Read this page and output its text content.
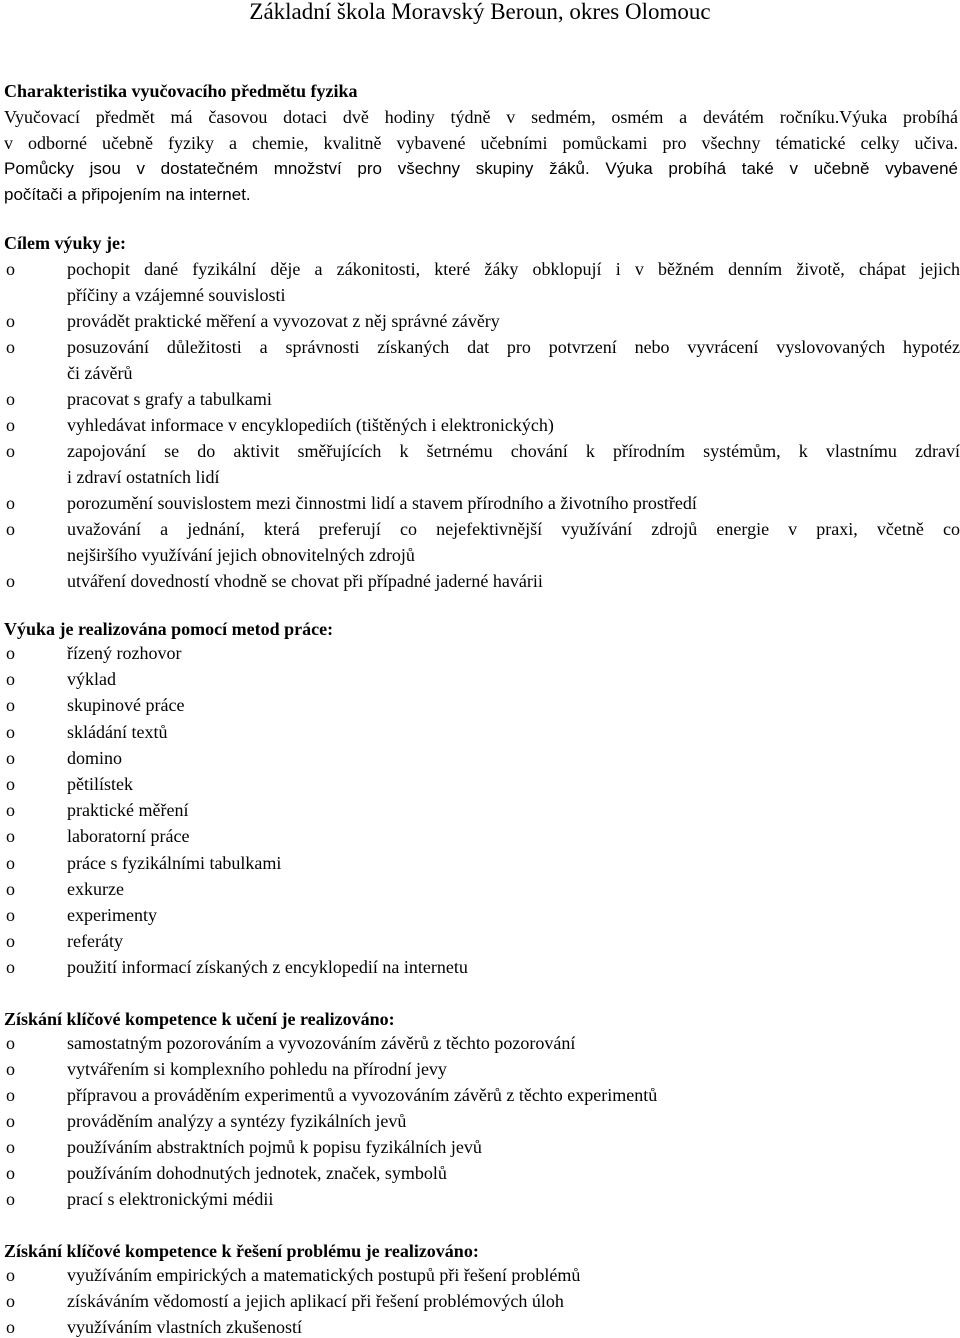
Základní škola Moravský Beroun, okres Olomouc
Charakteristika vyučovacího předmětu fyzika
Vyučovací předmět má časovou dotaci dvě hodiny týdně v sedmém, osmém a devátém ročníku.Výuka probíhá
v odborné učebně fyziky a chemie, kvalitně vybavené učebními pomůckami pro všechny tématické celky učiva.
Pomůcky jsou v dostatečném množství pro všechny skupiny žáků. Výuka probíhá také v učebně vybavené
počítači a připojením na internet.
Cílem výuky je:
o	pochopit dané fyzikální děje a zákonitosti, které žáky obklopují i v běžném denním životě, chápat jejich
příčiny a vzájemné souvislosti
o	provádět praktické měření a vyvozovat z něj správné závěry
o	posuzování důležitosti a správnosti získaných dat pro potvrzení nebo vyvrácení vyslovovaných hypotéz
či závěrů
o	pracovat s grafy a tabulkami
o	vyhledávat informace v encyklopediích (tištěných i elektronických)
o	zapojování se do aktivit směřujících k šetrnému chování k přírodním systémům, k vlastnímu zdraví
i zdraví ostatních lidí
o	porozumění souvislostem mezi činnostmi lidí a stavem přírodního a životního prostředí
o	uvažování a jednání, která preferují co nejefektivnější využívání zdrojů energie v praxi, včetně co
nejširšího využívání jejich obnovitelných zdrojů
o	utváření dovedností vhodně se chovat při případné jaderné havárii
Výuka je realizována pomocí metod práce:
o	řízený rozhovor
o	výklad
o	skupinové práce
o	skládání textů
o	domino
o	pětilístek
o	praktické měření
o	laboratorní práce
o	práce s fyzikálními tabulkami
o	exkurze
o	experimenty
o	referáty
o	použití informací získaných z encyklopedií na internetu
Získání klíčové kompetence k učení je realizováno:
o	samostatným pozorováním a vyvozováním závěrů z těchto pozorování
o	vytvářením si komplexního pohledu na přírodní jevy
o	přípravou a prováděním experimentů a vyvozováním závěrů z těchto experimentů
o	prováděním analýzy a syntézy fyzikálních jevů
o	používáním abstraktních pojmů k popisu fyzikálních jevů
o	používáním dohodnutých jednotek, značek, symbolů
o	prací s elektronickými médii
Získání klíčové kompetence k řešení problému je realizováno:
o	využíváním empirických a matematických postupů při řešení problémů
o	získáváním vědomostí a jejich aplikací při řešení problémových úloh
o	využíváním vlastních zkušeností
